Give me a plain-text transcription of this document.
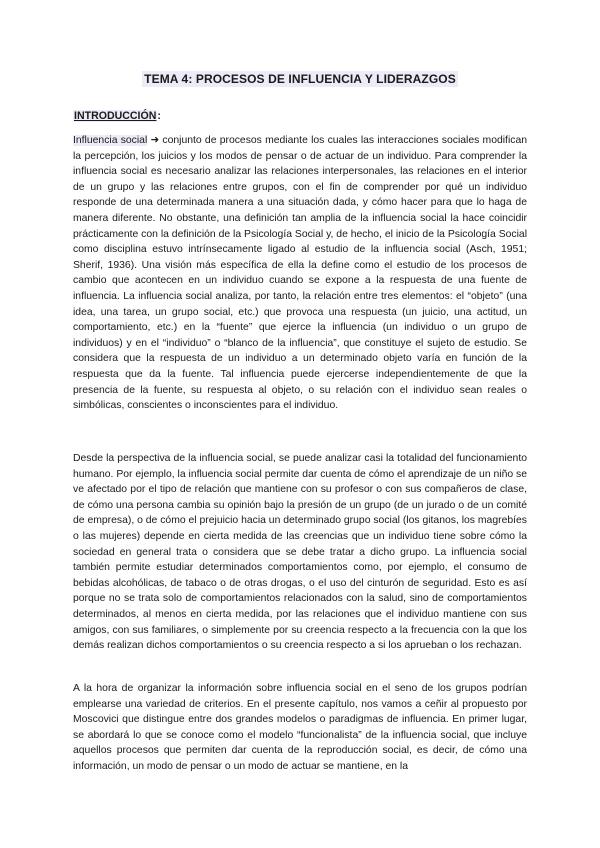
TEMA 4: PROCESOS DE INFLUENCIA Y LIDERAZGOS
INTRODUCCIÓN:

Influencia social ➜ conjunto de procesos mediante los cuales las interacciones sociales modifican la percepción, los juicios y los modos de pensar o de actuar de un individuo. Para comprender la influencia social es necesario analizar las relaciones interpersonales, las relaciones en el interior de un grupo y las relaciones entre grupos, con el fin de comprender por qué un individuo responde de una determinada manera a una situación dada, y cómo hacer para que lo haga de manera diferente. No obstante, una definición tan amplia de la influencia social la hace coincidir prácticamente con la definición de la Psicología Social y, de hecho, el inicio de la Psicología Social como disciplina estuvo intrínsecamente ligado al estudio de la influencia social (Asch, 1951; Sherif, 1936). Una visión más específica de ella la define como el estudio de los procesos de cambio que acontecen en un individuo cuando se expone a la respuesta de una fuente de influencia. La influencia social analiza, por tanto, la relación entre tres elementos: el “objeto” (una idea, una tarea, un grupo social, etc.) que provoca una respuesta (un juicio, una actitud, un comportamiento, etc.) en la “fuente” que ejerce la influencia (un individuo o un grupo de individuos) y en el “individuo” o “blanco de la influencia”, que constituye el sujeto de estudio. Se considera que la respuesta de un individuo a un determinado objeto varía en función de la respuesta que da la fuente. Tal influencia puede ejercerse independientemente de que la presencia de la fuente, su respuesta al objeto, o su relación con el individuo sean reales o simbólicas, conscientes o inconscientes para el individuo.

Desde la perspectiva de la influencia social, se puede analizar casi la totalidad del funcionamiento humano. Por ejemplo, la influencia social permite dar cuenta de cómo el aprendizaje de un niño se ve afectado por el tipo de relación que mantiene con su profesor o con sus compañeros de clase, de cómo una persona cambia su opinión bajo la presión de un grupo (de un jurado o de un comité de empresa), o de cómo el prejuicio hacia un determinado grupo social (los gitanos, los magrebíes o las mujeres) depende en cierta medida de las creencias que un individuo tiene sobre cómo la sociedad en general trata o considera que se debe tratar a dicho grupo. La influencia social también permite estudiar determinados comportamientos como, por ejemplo, el consumo de bebidas alcohólicas, de tabaco o de otras drogas, o el uso del cinturón de seguridad. Esto es así porque no se trata solo de comportamientos relacionados con la salud, sino de comportamientos determinados, al menos en cierta medida, por las relaciones que el individuo mantiene con sus amigos, con sus familiares, o simplemente por su creencia respecto a la frecuencia con la que los demás realizan dichos comportamientos o su creencia respecto a si los aprueban o los rechazan.

A la hora de organizar la información sobre influencia social en el seno de los grupos podrían emplearse una variedad de criterios. En el presente capítulo, nos vamos a ceñir al propuesto por Moscovici que distingue entre dos grandes modelos o paradigmas de influencia. En primer lugar, se abordará lo que se conoce como el modelo “funcionalista” de la influencia social, que incluye aquellos procesos que permiten dar cuenta de la reproducción social, es decir, de cómo una información, un modo de pensar o un modo de actuar se mantiene, en la
